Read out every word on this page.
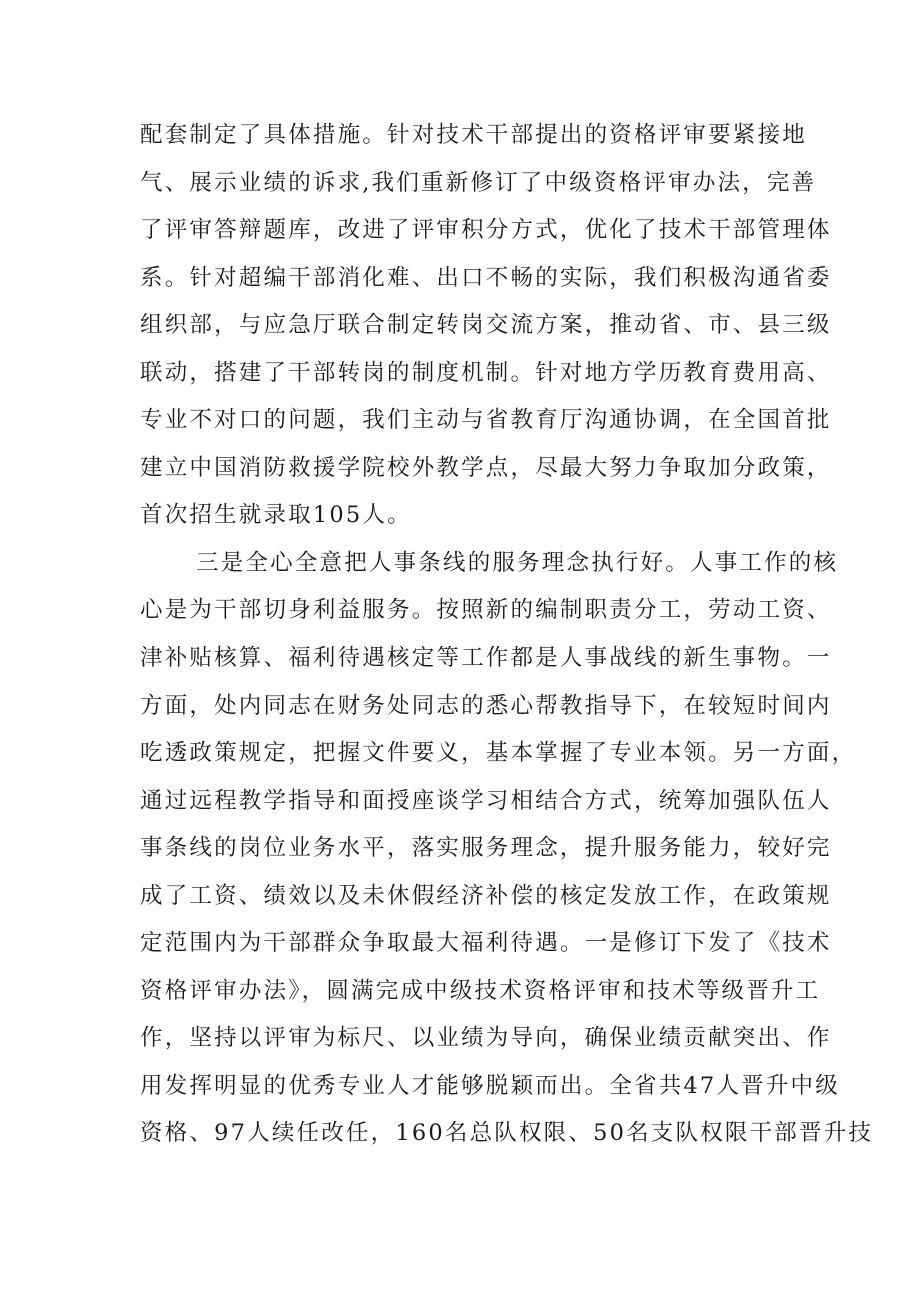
配套制定了具体措施。针对技术干部提出的资格评审要紧接地
气、展示业绩的诉求,我们重新修订了中级资格评审办法，完善
了评审答辩题库，改进了评审积分方式，优化了技术干部管理体
系。针对超编干部消化难、出口不畅的实际，我们积极沟通省委
组织部，与应急厅联合制定转岗交流方案，推动省、市、县三级
联动，搭建了干部转岗的制度机制。针对地方学历教育费用高、
专业不对口的问题，我们主动与省教育厅沟通协调，在全国首批
建立中国消防救援学院校外教学点，尽最大努力争取加分政策，
首次招生就录取105人。
三是全心全意把人事条线的服务理念执行好。人事工作的核
心是为干部切身利益服务。按照新的编制职责分工，劳动工资、
津补贴核算、福利待遇核定等工作都是人事战线的新生事物。一
方面，处内同志在财务处同志的悉心帮教指导下，在较短时间内
吃透政策规定，把握文件要义，基本掌握了专业本领。另一方面，
通过远程教学指导和面授座谈学习相结合方式，统筹加强队伍人
事条线的岗位业务水平，落实服务理念，提升服务能力，较好完
成了工资、绩效以及未休假经济补偿的核定发放工作，在政策规
定范围内为干部群众争取最大福利待遇。一是修订下发了《技术
资格评审办法》，圆满完成中级技术资格评审和技术等级晋升工
作，坚持以评审为标尺、以业绩为导向，确保业绩贡献突出、作
用发挥明显的优秀专业人才能够脱颖而出。全省共47人晋升中级
资格、97人续任改任，160名总队权限、50名支队权限干部晋升技
